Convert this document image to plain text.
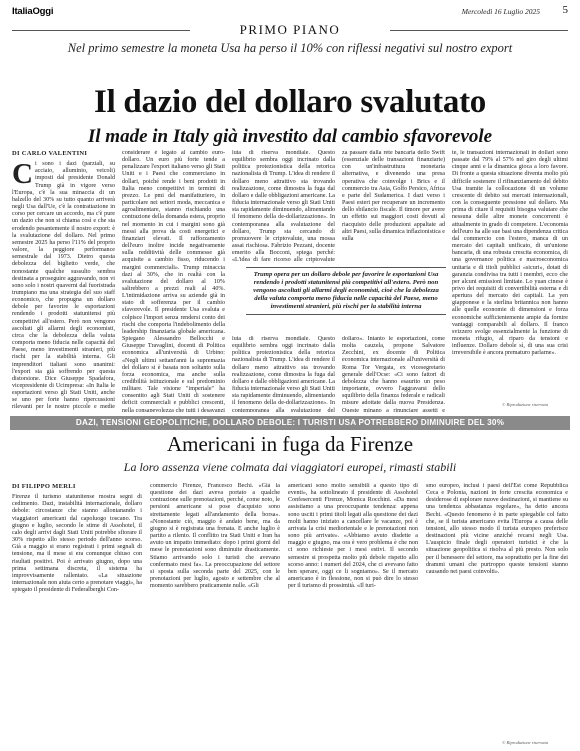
ItaliaOggi	Mercoledì 16 Luglio 2025 5
PRIMO PIANO
Nel primo semestre la moneta Usa ha perso il 10% con riflessi negativi sul nostro export
Il dazio del dollaro svalutato
Il made in Italy già investito dal cambio sfavorevole
DI CARLO VALENTINI
C i sono i dazi (parziali, su acciaio, alluminio, veicoli) imposti dal presidente Donald Trump già in vigore verso l'Europa, c'è la sua minaccia di un balzello del 30% su tutto quanto arriverà negli Usa dall'Ue, c'è la contrattazione in corso per cercare un accordo, ma c'è pure un dazio che non si chiama così e che sta erodendo pesantemente il nostro export: è la svalutazione del dollaro. Nel primo semestre 2025 ha perso l'11% del proprio valore, la peggiore performance semestrale dal 1973. Dietro questa debolezza del biglietto verde, che nonostante qualche sussulto sembra destinata a proseguire aggravando, non vi sono solo i nostri quaverni dal fuoristrada trumpiano ma una strategia del suo staff economico, che propugna un dollaro debole per favorire le esportazioni rendendo i prodotti statunitensi più competitivi all'estero. Però non vengono ascoltati gli allarmi degli economisti, circa che la debolezza della valuta comporta meno fiducia nelle capacità del Paese, meno investimenti stranieri, più rischi per la stabilità interna. Gli imprenditori italiani sono unanimi: l'export sta già soffrendo per questa distorsione. Dice Giuseppe Spadafora, vicepresidente di Ucimpresa: «In Italia le esportazioni verso gli Stati Uniti, anche se uno per forte hanno ripercussioni rilevanti per le nostre piccole e medie
considerare è legato al cambio euro-dollaro. Un euro più forte tende a penalizzare l'export italiano verso gli Stati Uniti e i Paesi che commerciano in dollari, poiché rende i beni prodotti in Italia meno competitivi in termini di prezzo. Le pmi del manifatturiero, in particolare nei settori moda, meccanica e agroalimentare, stanno rischiando una contrazione della domanda estera, proprio nel momento in cui i margini sono già messi alla prova da costi energetici e finanziari elevati. Il rafforzamento dell'euro inoltre incide negativamente sulla redditività delle commesse già acquisite a cambio fisso, riducendo i margini commerciali». Trump minaccia dazi al 30%, che in realtà con la svalutazione del dollaro al 10% salirebbero a prezzi reali al 40%. L'intimidazione arriva su aziende già in stato di sofferenza per il cambio sfavorevole. Il presidente Usa svaluta e colpisce l'import senza rendersi conto dei rischi che comporta l'indebolimento della leadership finanziaria globale americana. Spiegano Alessandro Bellocchi e Giuseppe Travaglini, docenti di Politica economica all'università di Urbino: «Negli ultimi settant'anni la supremazia del dollaro si è basata non soltanto sulla forza economica, ma anche sulla credibilità istituzionale e sul predominio militare. Tale visione "imperiale" ha consentito agli Stati Uniti di sostenere deficit commerciali e pubblici crescenti, nella consapevolezza che tutti i desavanzi
luta di riserva mondiale. Questo equilibrio sembra oggi incrinato dalla politica protezionistica della retorica nazionalista di Trump. L'idea di rendere il dollaro meno attrattivo sta trovando realizzazione, come dimostra la fuga dal dollaro e dalle obbligazioni americane. La fiducia internazionale verso gli Stati Uniti sta rapidamente diminuendo, alimentando il fenomeno della de-dollarizzazione». In contemporanea alla svalutazione del dollaro, Trump sta cercando di promuovere le criptovalute, una mossa assai rischiosa. Fabrizio Pezzani, docente emerito alla Bocconi, spiega perché: «L'idea di fare ricorso alle criptovalute
za passare dalla rete bancaria dello Swift (essenziale delle transazioni finanziarie) con un'infrastruttura monetaria alternativa, e divenendo una presa operativa che coinvolge i Brics e il commercio tra Asia, Golfo Persico, Africa e parte del Sudamerica. I dazi verso i Paesi esteri per recuperare un incremento dello sbilancio fiscale. Il timore per avere un effetto sui maggiori costi dovuti al riacquisto delle produzioni appaltate ad altri Paesi, sulla dinamica inflazionistica e sulla
Trump opera per un dollaro debole per favorire le esportazioni Usa rendendo i prodotti statunitensi più competitivi all'estero. Però non vengono ascoltati gli allarmi degli economisti, cioè che la debolezza della valuta comporta meno fiducia nelle capacità del Paese, meno investimenti stranieri, più rischi per la stabilità interna
luta di riserva mondiale. Questo equilibrio sembra oggi incrinato dalla politica protezionistica della retorica nazionalista di Trump. L'idea di rendere il dollaro meno attrattivo sta trovando realizzazione, come dimostra la fuga dal dollaro e dalle obbligazioni americane. La fiducia internazionale verso gli Stati Uniti sta rapidamente diminuendo, alimentando il fenomeno della de-dollarizzazione». In contemporanea alla svalutazione del
dollaro». Intanto le esportazioni, come molta cauzela, propone Salvatore Zecchini, ex docente di Politica economica internazionale all'università di Roma Tor Vergata, ex vicesegretario generale dell'Ocse: «Ci sono fattori di debolezza che hanno esaurito un peso importante, ovvero l'aggravarsi dello squilibrio della finanza federale e radicali misure adottate dalla nuova Presidenza. Queste minano a rinunciare assetti e
te, le transazioni internazionali in dollari sono passate dal 79% al 57% nel giro degli ultimi cinque anni e la dinamica gioca a loro favore. Di fronte a questa situazione diventa molto più difficile sostenere il rifinanziamento del debito Usa tramite la collocazione di un volume crescente di debito sui mercati internazionali, con la conseguente pressione sul dollaro. Ma prima di citare il requisiti bisogna valutare che nessuna delle altre monete concorrenti è attualmente in grado di competere. L'economia dell'euro ha alle sue basi una dipendenza critica dal commercio con l'estero, manca di un mercato dei capitali unificato, di un'unione bancaria, di una robusta crescita economica, di una governance politica e macroeconomica unitaria e di titoli pubblici «sicuri», dotati di garanzia condivisa tra tutti i membri, ecco che per alcuni emissioni limitate. Lo yuan cinese è privo dei requisiti di convertibilità esterna e di apertura del mercato dei capitali. La yen giapponese e la sterlina britannica non hanno alle quelle economie di dimensioni e forza economiche sufficientemente ampie da fornire vantaggi comparabili al dollaro. Il franco svizzero svolge essenzialmente la funzione di moneta rifugio, al riparo da tensioni e influenze. Dollaro debole sì, di una sua crisi irreversibile è ancora prematuro parlarne».
© Riproduzione riservata
DAZI, TENSIONI GEOPOLITICHE, DOLLARO DEBOLE: I TURISTI USA POTREBBERO DIMINUIRE DEL 30%
Americani in fuga da Firenze
La loro assenza viene colmata dai viaggiatori europei, rimasti stabili
DI FILIPPO MERLI
Firenze il turismo statunitense mostra segni di cedimento. Dazi, instabilità internazionale, dollaro debole: circostanze che stanno allontanando i viaggiatori americani dal capoluogo toscano. Tra giugno e luglio, secondo le stime di Assohotel, il calo degli arrivi dagli Stati Uniti potrebbe sfiorare il 30% rispetto allo stesso periodo dell'anno scorso. Già a maggio si erano registrati i primi segnali di tensione, ma il mese si era comunque chiuso con risultati positivi. Poi è arrivato giugno, dopo una prima settimana discreta, il sistema ha improvvisamente rallentato. «La situazione internazionale non aiuta certo a prenotare viaggi», ha spiegato il presidente di Federalberghi Con-
commercio Firenze, Francesco Bechi. «Già la questione dei dazi aveva portato a qualche contrazione sulle prenotazioni, perché, come noto, le persioni americane si pose d'acquisto sono strettamente legati all'andamento della borsa». «Nonostante ciò, maggio è andato bene, ma da giugno si è registrata una frenata. E anche luglio è partito a rilento. Il conflitto tra Stati Uniti e Iran ha avuto un impatto immediato: dopo i primi giorni del mese le prenotazioni sono diminuite drasticamente. Stiamo arrivando solo i turisti che avevano confermato mesi fa». La preoccupazione del settore si sposta sulla seconda parte del 2025, con le prenotazioni per luglio, agosto e settembre che al momento sarebbero praticamente nulle. «Gli
americani sono molto sensibili a questo tipo di eventi», ha sottolineato il presidente di Assohotel Confesercenti Firenze, Monica Rocchini. «Da mesi assistiamo a una preoccupante tendenza: appena sono usciti i primi titoli legati alla questione dei dazi molti hanno iniziato a cancellare le vacanze, poi è arrivata la crisi mediorientale e le prenotazioni non sono più arrivate». «Abbiamo avuto disdette a maggio e giugno, ma ora è vero problema è che non ci sono richieste per i mesi estivi. Il secondo semestre si prospetta molto più debole rispetto allo scorso anno: i numeri del 2024, che ci avevano fatto ben sperare, oggi ce li sogniamo». Se il mercato americano è in flessione, non si può dire lo stesso per il turismo di prossimità. «Il turi-
smo europeo, inclusi i paesi dell'Est come Repubblica Ceca e Polonia, nazioni in forte crescita economica e desiderose di esplorare nuove destinazioni, si mantiene su una tendenza abbastanza regolare», ha detto ancora Bechi. «Questo fenomeno è in parte spiegabile col fatto che, se il turista americano evita l'Europa a causa delle tensioni, allo stesso modo il turista europeo preferisce destinazioni più vicine anziché recarsi negli Usa. L'auspicio finale degli operatori turistici è che la situazione geopolitica si risolva al più presto. Non solo per il benessere del settore, ma soprattutto per la fine dei drammi umani che purtroppo queste tensioni stanno causando nei paesi coinvolti».
© Riproduzione riservata
